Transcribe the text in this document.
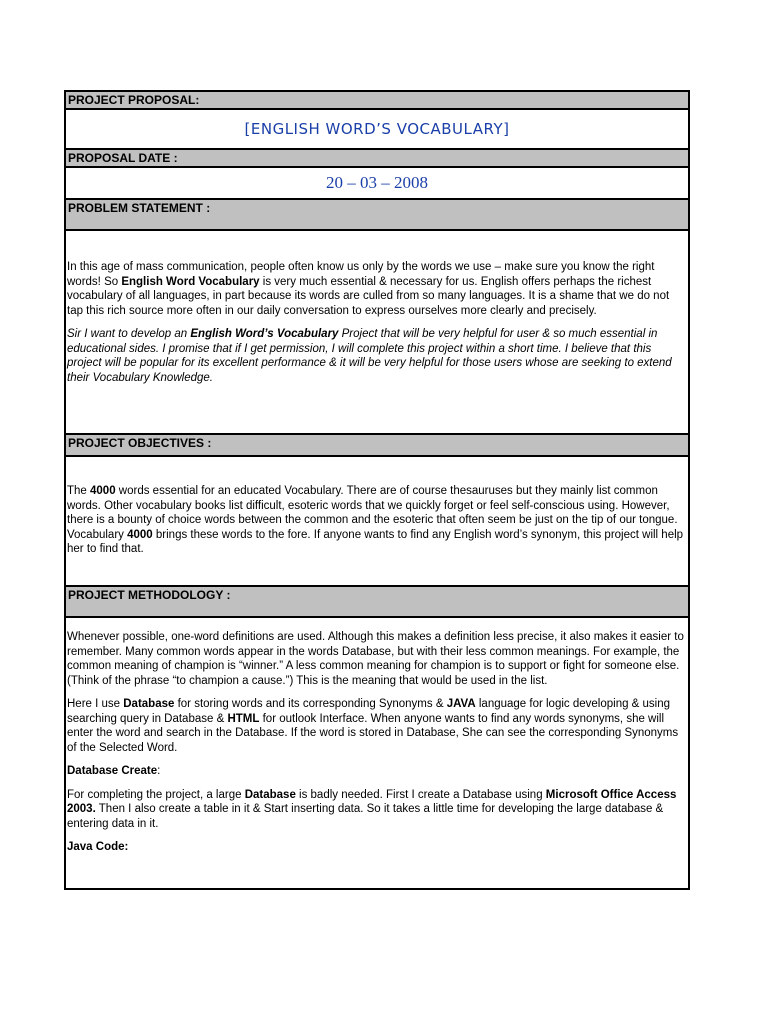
PROJECT PROPOSAL:
[ENGLISH WORD’S VOCABULARY]
PROPOSAL DATE :
20 – 03 – 2008
PROBLEM STATEMENT :

In this age of mass communication, people often know us only by the words we use – make sure you know the right words! So English Word Vocabulary is very much essential & necessary for us. English offers perhaps the richest vocabulary of all languages, in part because its words are culled from so many languages. It is a shame that we do not tap this rich source more often in our daily conversation to express ourselves more clearly and precisely.

Sir I want to develop an English Word’s Vocabulary Project that will be very helpful for user & so much essential in educational sides. I promise that if I get permission, I will complete this project within a short time. I believe that this project will be popular for its excellent performance & it will be very helpful for those users whose are seeking to extend their Vocabulary Knowledge.

PROJECT OBJECTIVES :

The 4000 words essential for an educated Vocabulary. There are of course thesauruses but they mainly list common words. Other vocabulary books list difficult, esoteric words that we quickly forget or feel self-conscious using. However, there is a bounty of choice words between the common and the esoteric that often seem be just on the tip of our tongue. Vocabulary 4000 brings these words to the fore. If anyone wants to find any English word’s synonym, this project will help her to find that.

PROJECT METHODOLOGY :

Whenever possible, one-word definitions are used. Although this makes a definition less precise, it also makes it easier to remember. Many common words appear in the words Database, but with their less common meanings. For example, the common meaning of champion is “winner.” A less common meaning for champion is to support or fight for someone else. (Think of the phrase “to champion a cause.”) This is the meaning that would be used in the list.

Here I use Database for storing words and its corresponding Synonyms & JAVA language for logic developing & using searching query in Database & HTML for outlook Interface. When anyone wants to find any words synonyms, she will enter the word and search in the Database. If the word is stored in Database, She can see the corresponding Synonyms of the Selected Word.

Database Create:

For completing the project, a large Database is badly needed. First I create a Database using Microsoft Office Access 2003. Then I also create a table in it & Start inserting data. So it takes a little time for developing the large database & entering data in it.

Java Code:
